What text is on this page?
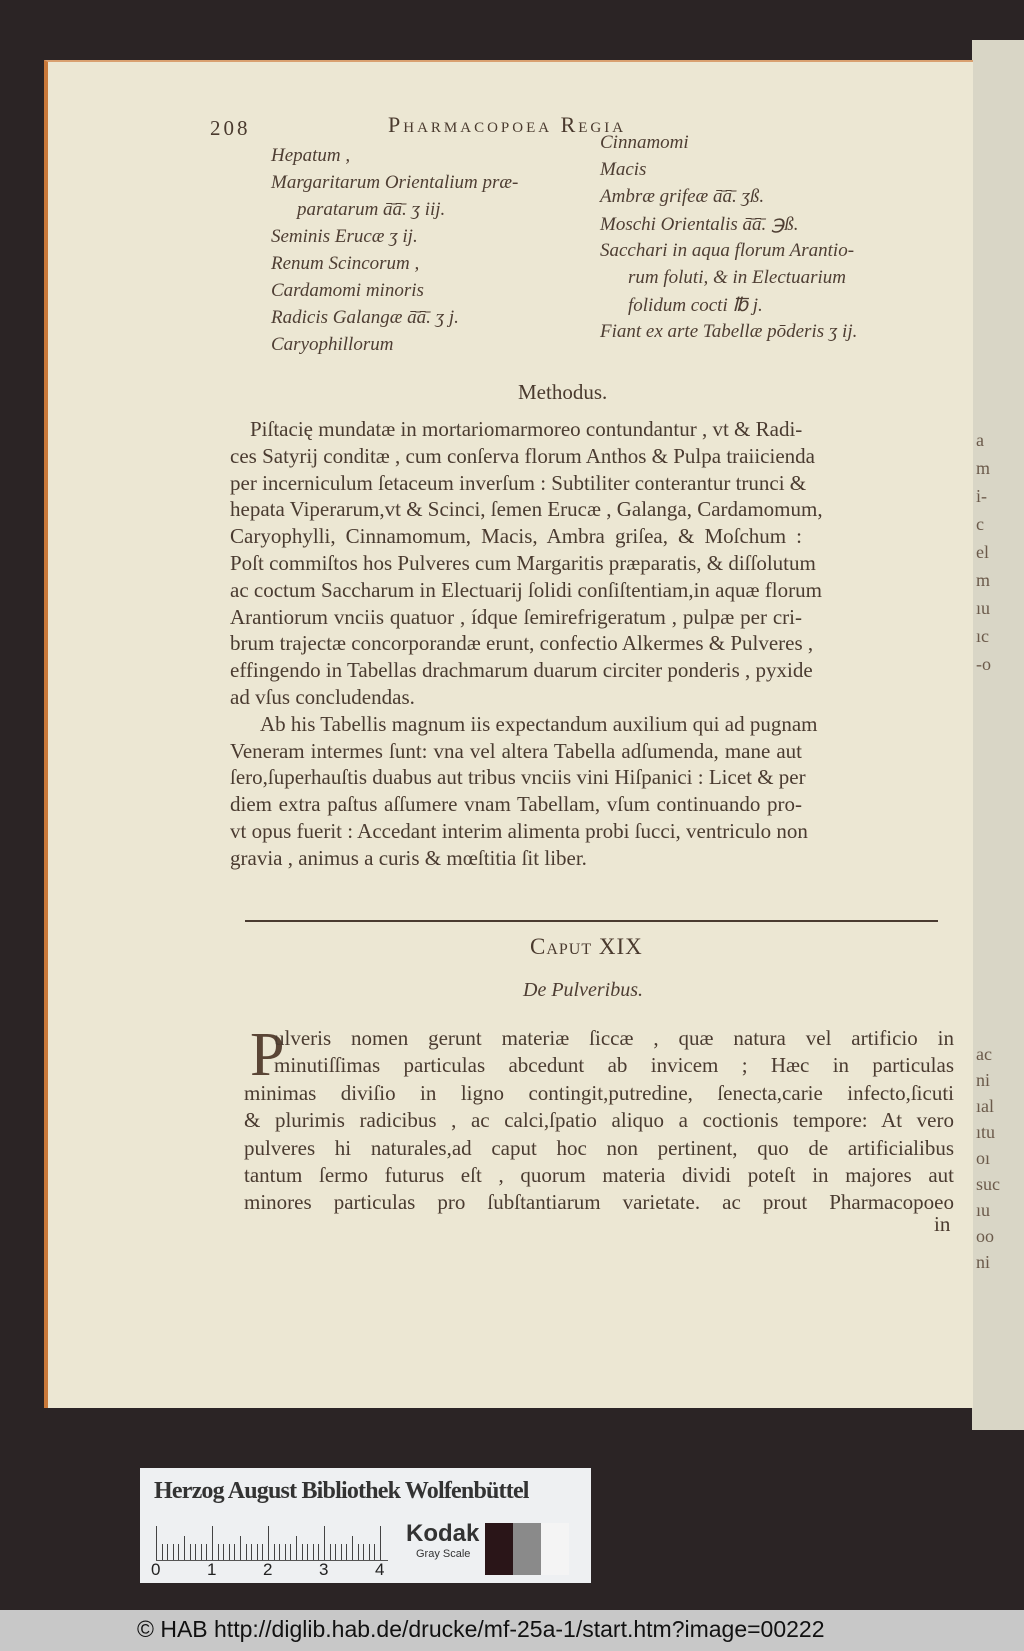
a
m
i-
c
el
m
ıu
ıc
-o
ac
ni
ıal
ıtu
oı
suc
ıu
oo
ni
208	Pharmacopoea Regia
Hepatum ,
Margaritarum Orientalium præ-
paratarum ā̄ā̄. ʒ iij.
Seminis Erucæ ʒ ij.
Renum Scincorum ,
Cardamomi minoris
Radicis Galangæ ā̄ā̄. ʒ j.
Caryophillorum
Cinnamomi
Macis
Ambræ grifeæ ā̄ā̄. ʒß.
Moschi Orientalis ā̄ā̄. ℈ß.
Sacchari in aqua florum Arantio-
rum foluti, & in Electuarium
folidum cocti ℔ j.
Fiant ex arte Tabellæ pōderis ʒ ij.
Methodus.
Piſtacię mundatæ in mortariomarmoreo contundantur , vt & Radi-
ces Satyrij conditæ , cum conſerva florum Anthos & Pulpa traiicienda
per incerniculum ſetaceum inverſum : Subtiliter conterantur trunci &
hepata Viperarum,vt & Scinci, ſemen Erucæ , Galanga, Cardamomum,
Caryophylli, Cinnamomum, Macis, Ambra griſea, & Moſchum :
Poſt commiſtos hos Pulveres cum Margaritis præparatis, & diſſolutum
ac coctum Saccharum in Electuarij ſolidi conſiſtentiam,in aquæ florum
Arantiorum vnciis quatuor , ídque ſemirefrigeratum , pulpæ per cri-
brum trajectæ concorporandæ erunt, confectio Alkermes & Pulveres ,
effingendo in Tabellas drachmarum duarum circiter ponderis , pyxide
ad vſus concludendas.
Ab his Tabellis magnum iis expectandum auxilium qui ad pugnam
Veneram intermes ſunt: vna vel altera Tabella adſumenda, mane aut
ſero,ſuperhauſtis duabus aut tribus vnciis vini Hiſpanici : Licet & per
diem extra paſtus aſſumere vnam Tabellam, vſum continuando pro-
vt opus fuerit : Accedant interim alimenta probi ſucci, ventriculo non
gravia , animus a curis & mœſtitia ſit liber.
Caput XIX
De Pulveribus.
P
ulveris nomen gerunt materiæ ſiccæ , quæ natura vel artificio in
minutiſſimas particulas abcedunt ab invicem ; Hæc in particulas
minimas diviſio in ligno contingit,putredine, ſenecta,carie infecto,ſicuti
& plurimis radicibus , ac calci,ſpatio aliquo a coctionis tempore: At vero
pulveres hi naturales,ad caput hoc non pertinent, quo de artificialibus
tantum ſermo futurus eſt , quorum materia dividi poteſt in majores aut
minores particulas pro ſubſtantiarum varietate. ac prout Pharmacopoeo
in
Herzog August Bibliothek Wolfenbüttel
0	1	2	3	4
Kodak
Gray Scale
© HAB http://diglib.hab.de/drucke/mf-25a-1/start.htm?image=00222
